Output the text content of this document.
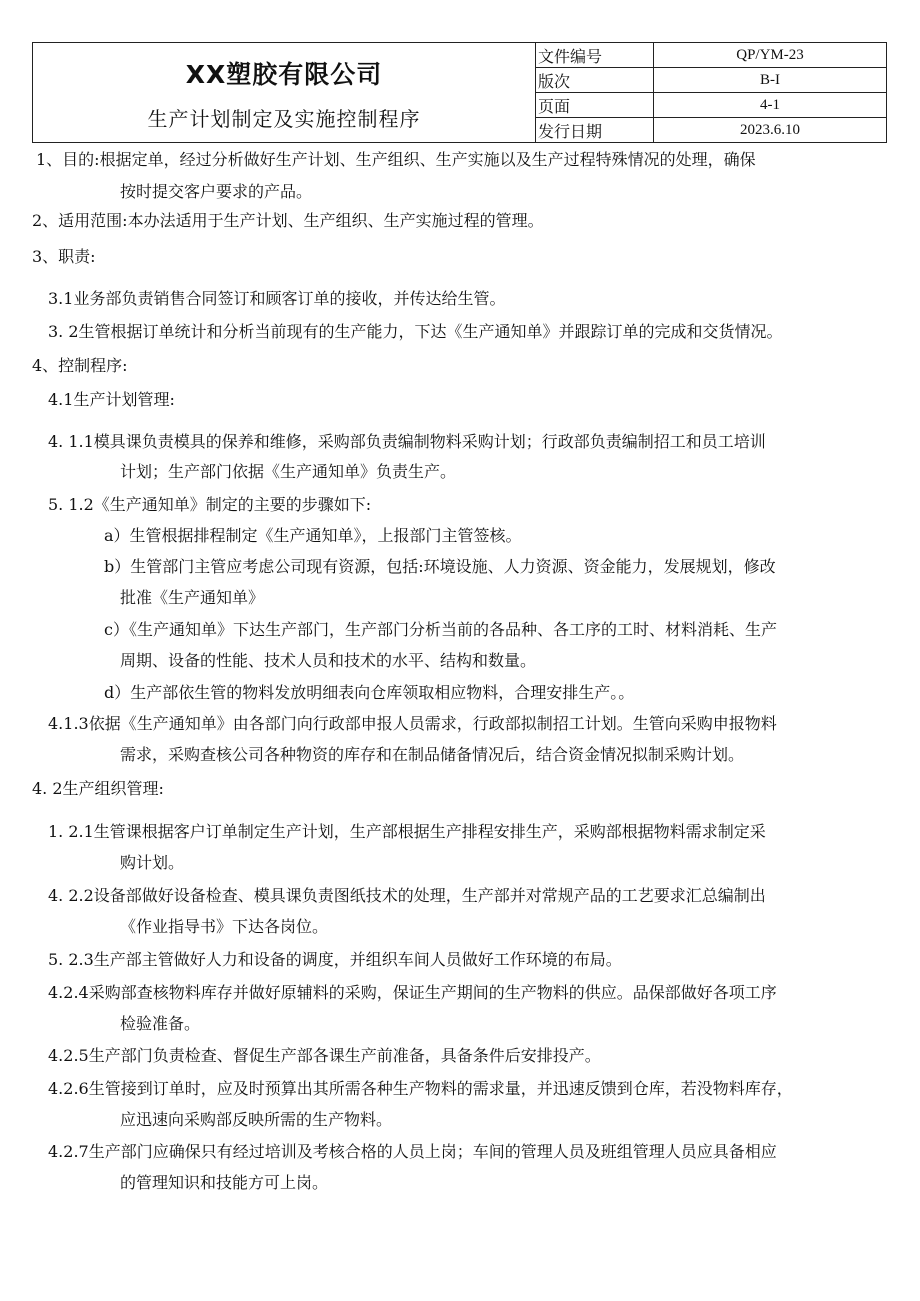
XX塑胶有限公司
生产计划制定及实施控制程序	文件编号	QP/YM-23
	版次	B-I
	页面	4-1
	发行日期	2023.6.10
1、目的:根据定单，经过分析做好生产计划、生产组织、生产实施以及生产过程特殊情况的处理，确保
按时提交客户要求的产品。
2、适用范围:本办法适用于生产计划、生产组织、生产实施过程的管理。
3、职责:
3.1业务部负责销售合同签订和顾客订单的接收，并传达给生管。
3. 2生管根据订单统计和分析当前现有的生产能力，下达《生产通知单》并跟踪订单的完成和交货情况。
4、控制程序:
4.1生产计划管理:
4. 1.1模具课负责模具的保养和维修，采购部负责编制物料采购计划；行政部负责编制招工和员工培训
计划；生产部门依据《生产通知单》负责生产。
5. 1.2《生产通知单》制定的主要的步骤如下:
a）生管根据排程制定《生产通知单》，上报部门主管签核。
b）生管部门主管应考虑公司现有资源，包括:环境设施、人力资源、资金能力，发展规划，修改
批准《生产通知单》
c）《生产通知单》下达生产部门，生产部门分析当前的各品种、各工序的工时、材料消耗、生产
周期、设备的性能、技术人员和技术的水平、结构和数量。
d）生产部依生管的物料发放明细表向仓库领取相应物料，合理安排生产。。
4.1.3依据《生产通知单》由各部门向行政部申报人员需求，行政部拟制招工计划。生管向采购申报物料
需求，采购查核公司各种物资的库存和在制品储备情况后，结合资金情况拟制采购计划。
4. 2生产组织管理:
1. 2.1生管课根据客户订单制定生产计划，生产部根据生产排程安排生产，采购部根据物料需求制定采
购计划。
4. 2.2设备部做好设备检查、模具课负责图纸技术的处理，生产部并对常规产品的工艺要求汇总编制出
《作业指导书》下达各岗位。
5. 2.3生产部主管做好人力和设备的调度，并组织车间人员做好工作环境的布局。
4.2.4采购部查核物料库存并做好原辅料的采购，保证生产期间的生产物料的供应。品保部做好各项工序
检验准备。
4.2.5生产部门负责检查、督促生产部各课生产前准备，具备条件后安排投产。
4.2.6生管接到订单时，应及时预算出其所需各种生产物料的需求量，并迅速反馈到仓库，若没物料库存，
应迅速向采购部反映所需的生产物料。
4.2.7生产部门应确保只有经过培训及考核合格的人员上岗；车间的管理人员及班组管理人员应具备相应
的管理知识和技能方可上岗。
